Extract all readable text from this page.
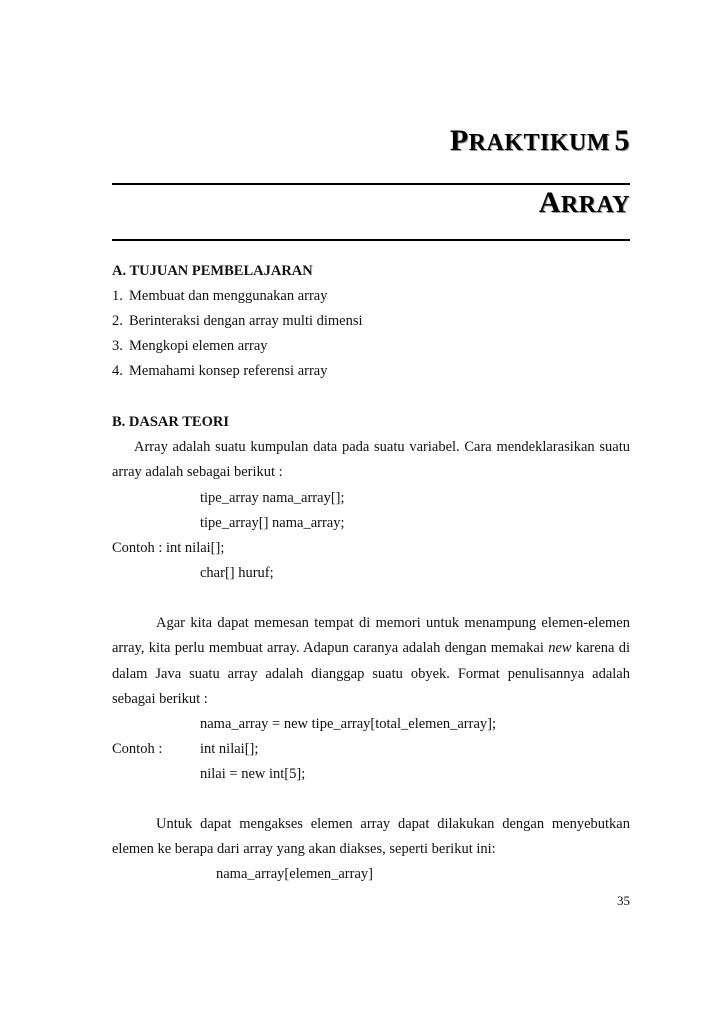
PRAKTIKUM 5
ARRAY
A. TUJUAN PEMBELAJARAN
1. Membuat dan menggunakan array
2. Berinteraksi dengan array multi dimensi
3. Mengkopi elemen array
4. Memahami konsep referensi array
B. DASAR TEORI
Array adalah suatu kumpulan data pada suatu variabel. Cara mendeklarasikan suatu
array adalah sebagai berikut :
tipe_array nama_array[];
tipe_array[] nama_array;
Contoh : int nilai[];
char[] huruf;
Agar kita dapat memesan tempat di memori untuk menampung elemen-elemen
array, kita perlu membuat array. Adapun caranya adalah dengan memakai new karena di
dalam Java suatu array adalah dianggap suatu obyek. Format penulisannya adalah
sebagai berikut :
nama_array = new tipe_array[total_elemen_array];
Contoh :	int nilai[];
nilai = new int[5];
Untuk dapat mengakses elemen array dapat dilakukan dengan menyebutkan
elemen ke berapa dari array yang akan diakses, seperti berikut ini:
nama_array[elemen_array]
35
